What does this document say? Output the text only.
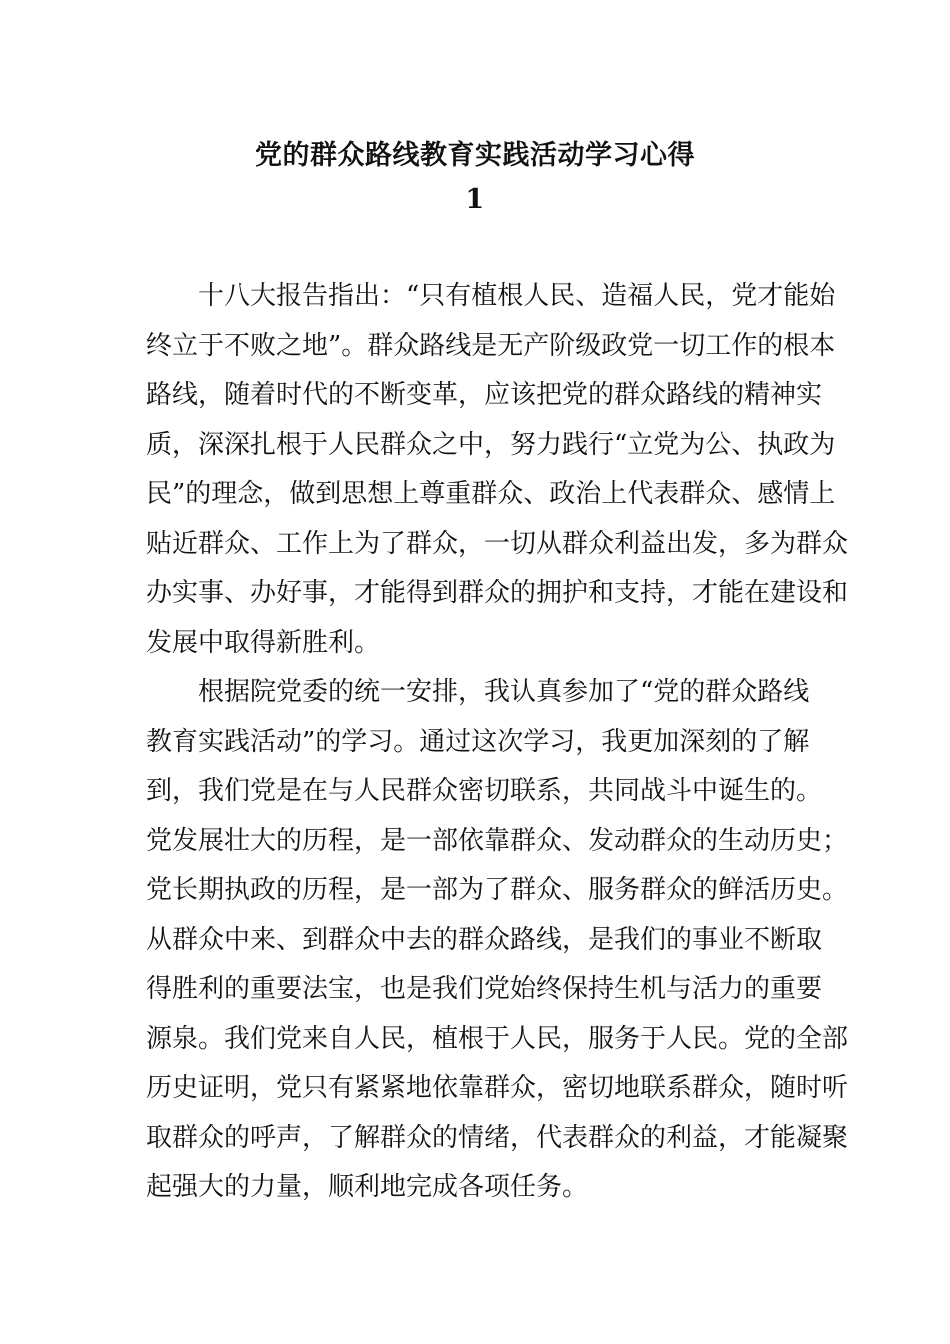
党的群众路线教育实践活动学习心得
1

十八大报告指出：“只有植根人民、造福人民，党才能始
终立于不败之地”。群众路线是无产阶级政党一切工作的根本
路线，随着时代的不断变革，应该把党的群众路线的精神实
质，深深扎根于人民群众之中，努力践行“立党为公、执政为
民”的理念，做到思想上尊重群众、政治上代表群众、感情上
贴近群众、工作上为了群众，一切从群众利益出发，多为群众
办实事、办好事，才能得到群众的拥护和支持，才能在建设和
发展中取得新胜利。

根据院党委的统一安排，我认真参加了“党的群众路线
教育实践活动”的学习。通过这次学习，我更加深刻的了解
到，我们党是在与人民群众密切联系，共同战斗中诞生的。
党发展壮大的历程，是一部依靠群众、发动群众的生动历史；
党长期执政的历程，是一部为了群众、服务群众的鲜活历史。
从群众中来、到群众中去的群众路线，是我们的事业不断取
得胜利的重要法宝，也是我们党始终保持生机与活力的重要
源泉。我们党来自人民，植根于人民，服务于人民。党的全部
历史证明，党只有紧紧地依靠群众，密切地联系群众，随时听
取群众的呼声，了解群众的情绪，代表群众的利益，才能凝聚
起强大的力量，顺利地完成各项任务。
